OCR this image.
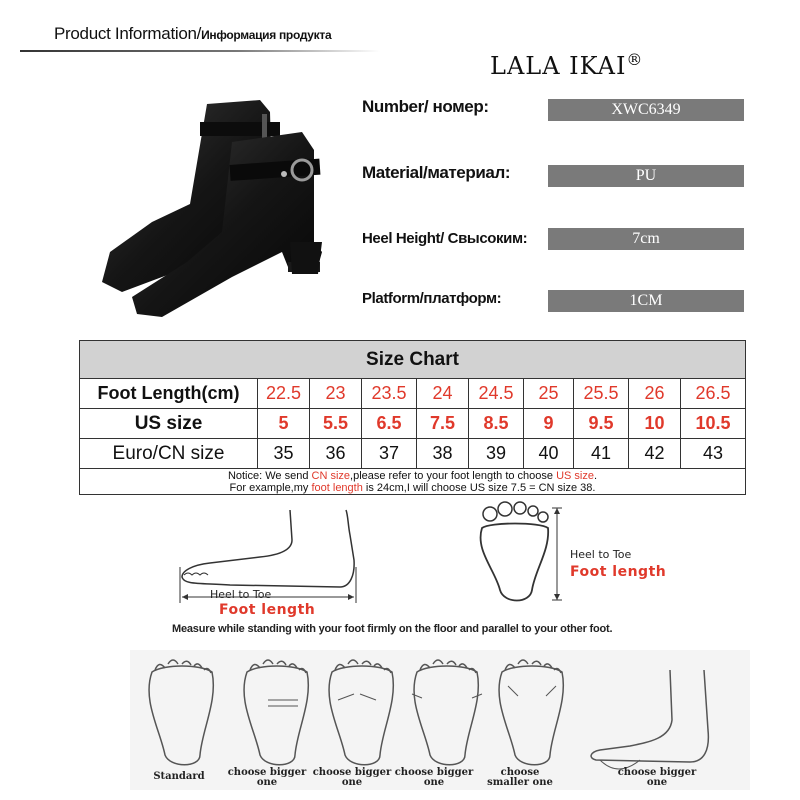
Product Information/Информация продукта
LALA IKAI®
Number/ номер:	XWC6349
Material/материал:	PU
Heel Height/ Свысоким:	7cm
Platform/платформ:	1CM
Size Chart									
Foot Length(cm)	22.5	23	23.5	24	24.5	25	25.5	26	26.5
US size	5	5.5	6.5	7.5	8.5	9	9.5	10	10.5
Euro/CN size	35	36	37	38	39	40	41	42	43
Notice: We send CN size,please refer to your foot length to choose US size.
For example,my foot length is 24cm,I will choose US size 7.5 = CN size 38.									
Heel to Toe
Foot length
Heel to Toe
Foot length
Measure while standing with your foot firmly on the floor and parallel to your other foot.
Standard	choose bigger one
choose bigger one
choose bigger one
choose smaller one
choose bigger one
